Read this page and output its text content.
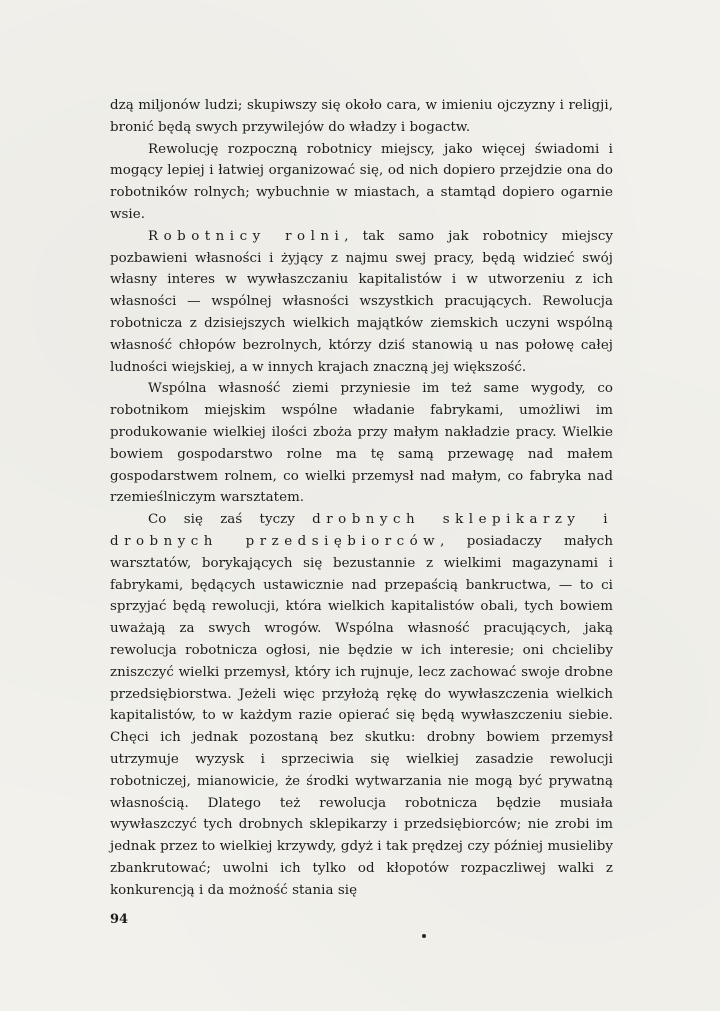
dzą miljonów ludzi; skupiwszy się około cara, w imieniu ojczyzny i religji, bronić będą swych przywilejów do władzy i bogactw.

Rewolucję rozpoczną robotnicy miejscy, jako więcej świadomi i mogący lepiej i łatwiej organizować się, od nich dopiero przejdzie ona do robotników rolnych; wybuchnie w miastach, a stamtąd dopiero ogarnie wsie.

Robotnicy rolni, tak samo jak robotnicy miejscy pozbawieni własności i żyjący z najmu swej pracy, będą widzieć swój własny interes w wywłaszczaniu kapitalistów i w utworzeniu z ich własności — wspólnej własności wszystkich pracujących. Rewolucja robotnicza z dzisiejszych wielkich majątków ziemskich uczyni wspólną własność chłopów bezrolnych, którzy dziś stanowią u nas połowę całej ludności wiejskiej, a w innych krajach znaczną jej większość.

Wspólna własność ziemi przyniesie im też same wygody, co robotnikom miejskim wspólne władanie fabrykami, umożliwi im produkowanie wielkiej ilości zboża przy małym nakładzie pracy. Wielkie bowiem gospodarstwo rolne ma tę samą przewagę nad małem gospodarstwem rolnem, co wielki przemysł nad małym, co fabryka nad rzemieślniczym warsztatem.

Co się zaś tyczy drobnych sklepikarzy i drobnych przedsiębiorców, posiadaczy małych warsztatów, borykających się bezustannie z wielkimi magazynami i fabrykami, będących ustawicznie nad przepaścią bankructwa, — to ci sprzyjać będą rewolucji, która wielkich kapitalistów obali, tych bowiem uważają za swych wrogów. Wspólna własność pracujących, jaką rewolucja robotnicza ogłosi, nie będzie w ich interesie; oni chcieliby zniszczyć wielki przemysł, który ich rujnuje, lecz zachować swoje drobne przedsiębiorstwa. Jeżeli więc przyłożą rękę do wywłaszczenia wielkich kapitalistów, to w każdym razie opierać się będą wywłaszczeniu siebie. Chęci ich jednak pozostaną bez skutku: drobny bowiem przemysł utrzymuje wyzysk i sprzeciwia się wielkiej zasadzie rewolucji robotniczej, mianowicie, że środki wytwarzania nie mogą być prywatną własnością. Dlatego też rewolucja robotnicza będzie musiała wywłaszczyć tych drobnych sklepikarzy i przedsiębiorców; nie zrobi im jednak przez to wielkiej krzywdy, gdyż i tak prędzej czy później musieliby zbankrutować; uwolni ich tylko od kłopotów rozpaczliwej walki z konkurencją i da możność stania się

94
